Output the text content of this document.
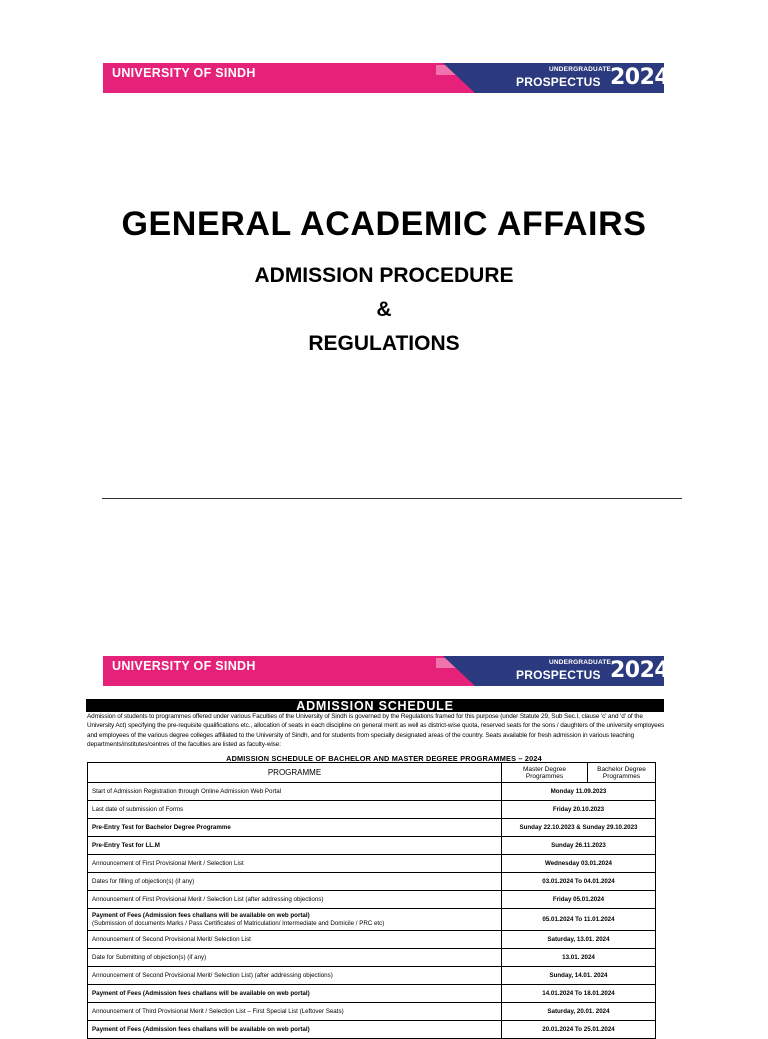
UNIVERSITY OF SINDH	UNDERGRADUATE
PROSPECTUS 2024
GENERAL ACADEMIC AFFAIRS
ADMISSION PROCEDURE
&
REGULATIONS
UNIVERSITY OF SINDH	UNDERGRADUATE
PROSPECTUS 2024
ADMISSION SCHEDULE
Admission of students to programmes offered under various Faculties of the University of Sindh is governed by the Regulations framed for this purpose (under Statute 29, Sub Sec.I, clause 'c' and 'd' of the University Act) specifying the pre-requisite qualifications etc., allocation of seats in each discipline on general merit as well as district-wise quota, reserved seats for the sons / daughters of the university employees and employees of the various degree colleges affiliated to the University of Sindh, and for students from specially designated areas of the country. Seats available for fresh admission in various teaching departments/institutes/centres of the faculties are listed as faculty-wise:
ADMISSION SCHEDULE OF BACHELOR AND MASTER DEGREE PROGRAMMES – 2024
PROGRAMME	Master Degree Programmes	Bachelor Degree Programmes
Start of Admission Registration through Online Admission Web Portal	Monday 11.09.2023	
Last date of submission of Forms	Friday 20.10.2023	
Pre-Entry Test for Bachelor Degree Programme	Sunday 22.10.2023 & Sunday 29.10.2023	
Pre-Entry Test for LL.M	Sunday 26.11.2023	
Announcement of First Provisional Merit / Selection List	Wednesday 03.01.2024	
Dates for filling of objection(s) (if any)	03.01.2024 To 04.01.2024	
Announcement of First Provisional Merit / Selection List (after addressing objections)	Friday 05.01.2024	

Payment of Fees (Admission fees challans will be available on web portal)
(Submission of documents Marks / Pass Certificates of Matriculation/ Intermediate and Domicile / PRC etc)	05.01.2024 To 11.01.2024	
Announcement of Second Provisional Merit/ Selection List	Saturday, 13.01. 2024	
Date for Submitting of objection(s) (if any)	13.01. 2024	
Announcement of Second Provisional Merit/ Selection List) (after addressing objections)	Sunday, 14.01. 2024	
Payment of Fees (Admission fees challans will be available on web portal)	14.01.2024 To 18.01.2024	
Announcement of Third Provisional Merit / Selection List – First Special List (Leftover Seats)	Saturday, 20.01. 2024	
Payment of Fees (Admission fees challans will be available on web portal)	20.01.2024 To 25.01.2024	
